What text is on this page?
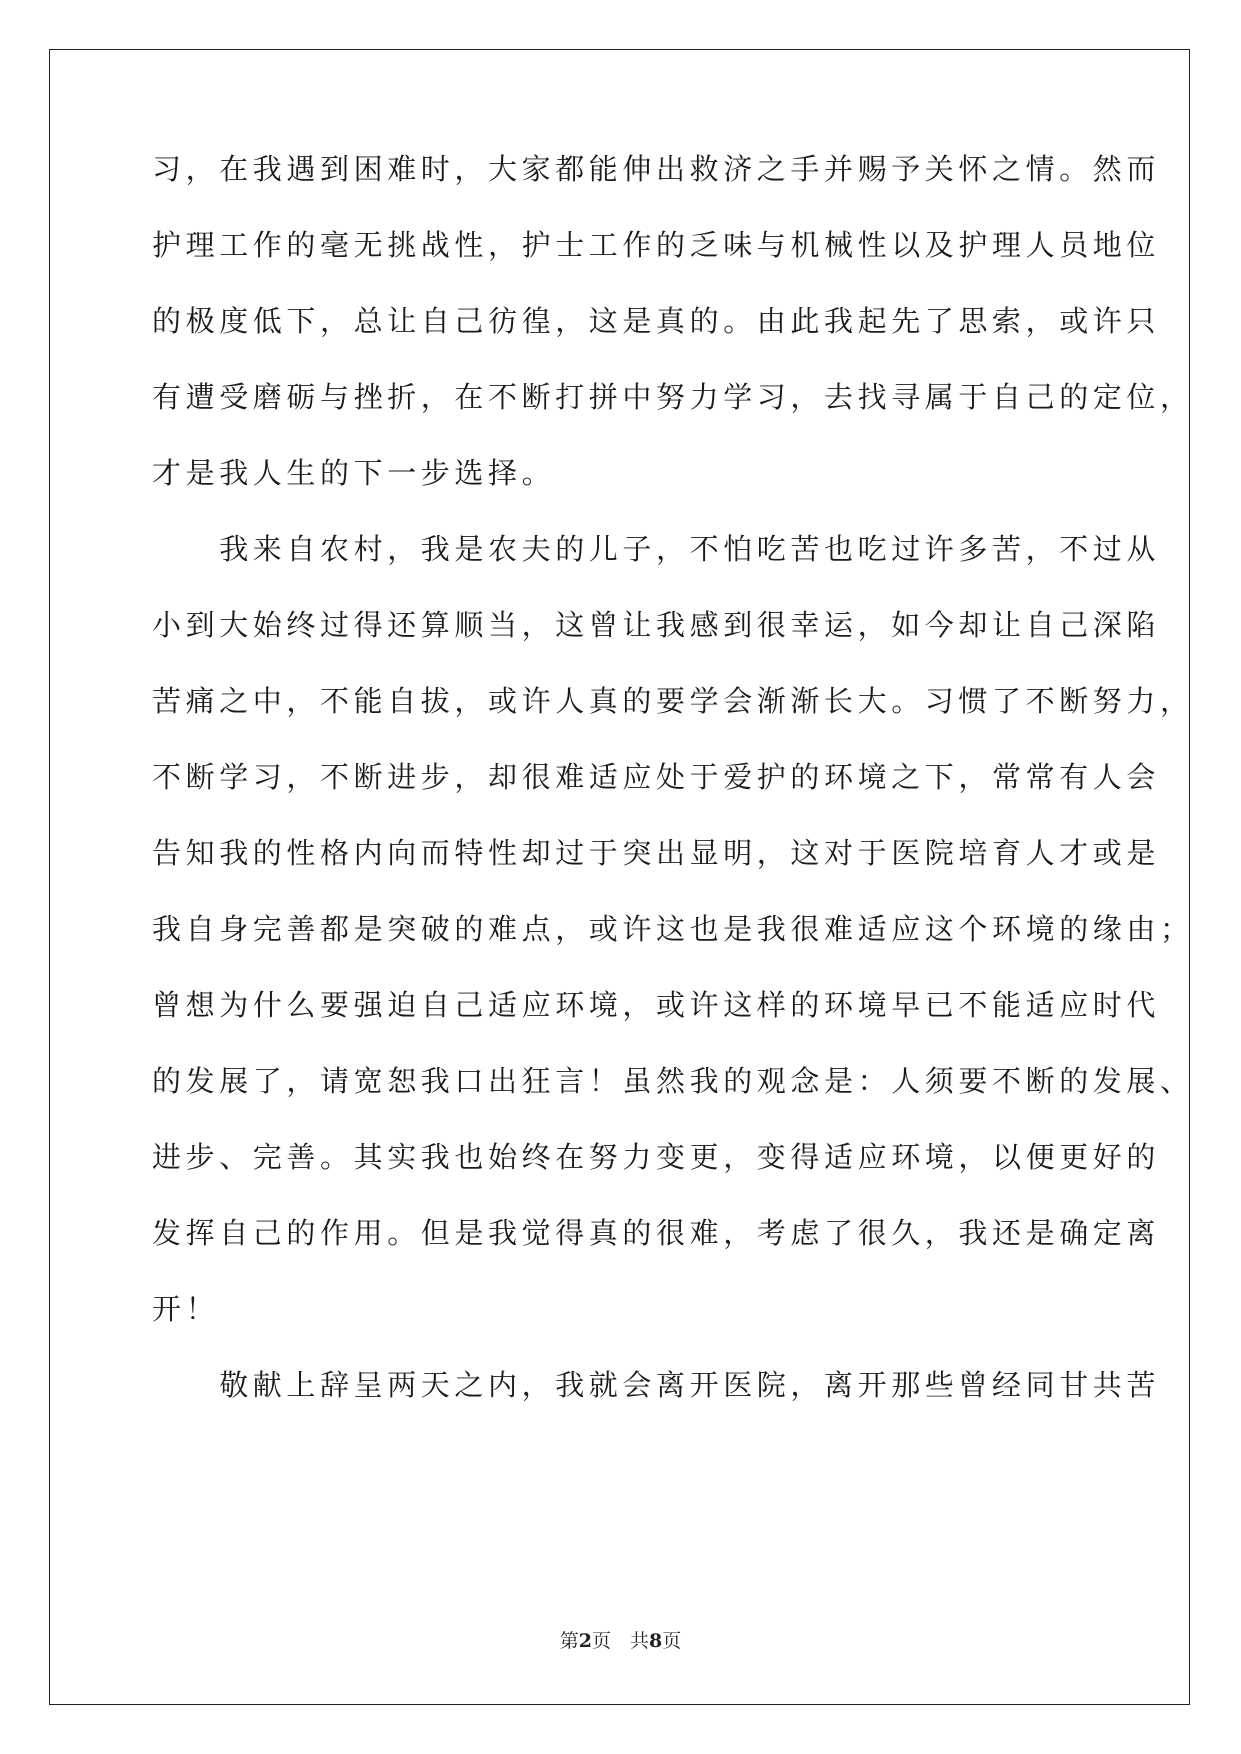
习，在我遇到困难时，大家都能伸出救济之手并赐予关怀之情。然而
护理工作的毫无挑战性，护士工作的乏味与机械性以及护理人员地位
的极度低下，总让自己彷徨，这是真的。由此我起先了思索，或许只
有遭受磨砺与挫折，在不断打拼中努力学习，去找寻属于自己的定位，
才是我人生的下一步选择。
　　我来自农村，我是农夫的儿子，不怕吃苦也吃过许多苦，不过从
小到大始终过得还算顺当，这曾让我感到很幸运，如今却让自己深陷
苦痛之中，不能自拔，或许人真的要学会渐渐长大。习惯了不断努力，
不断学习，不断进步，却很难适应处于爱护的环境之下，常常有人会
告知我的性格内向而特性却过于突出显明，这对于医院培育人才或是
我自身完善都是突破的难点，或许这也是我很难适应这个环境的缘由；
曾想为什么要强迫自己适应环境，或许这样的环境早已不能适应时代
的发展了，请宽恕我口出狂言！虽然我的观念是：人须要不断的发展、
进步、完善。其实我也始终在努力变更，变得适应环境，以便更好的
发挥自己的作用。但是我觉得真的很难，考虑了很久，我还是确定离
开！
　　敬献上辞呈两天之内，我就会离开医院，离开那些曾经同甘共苦
第2页　共8页
